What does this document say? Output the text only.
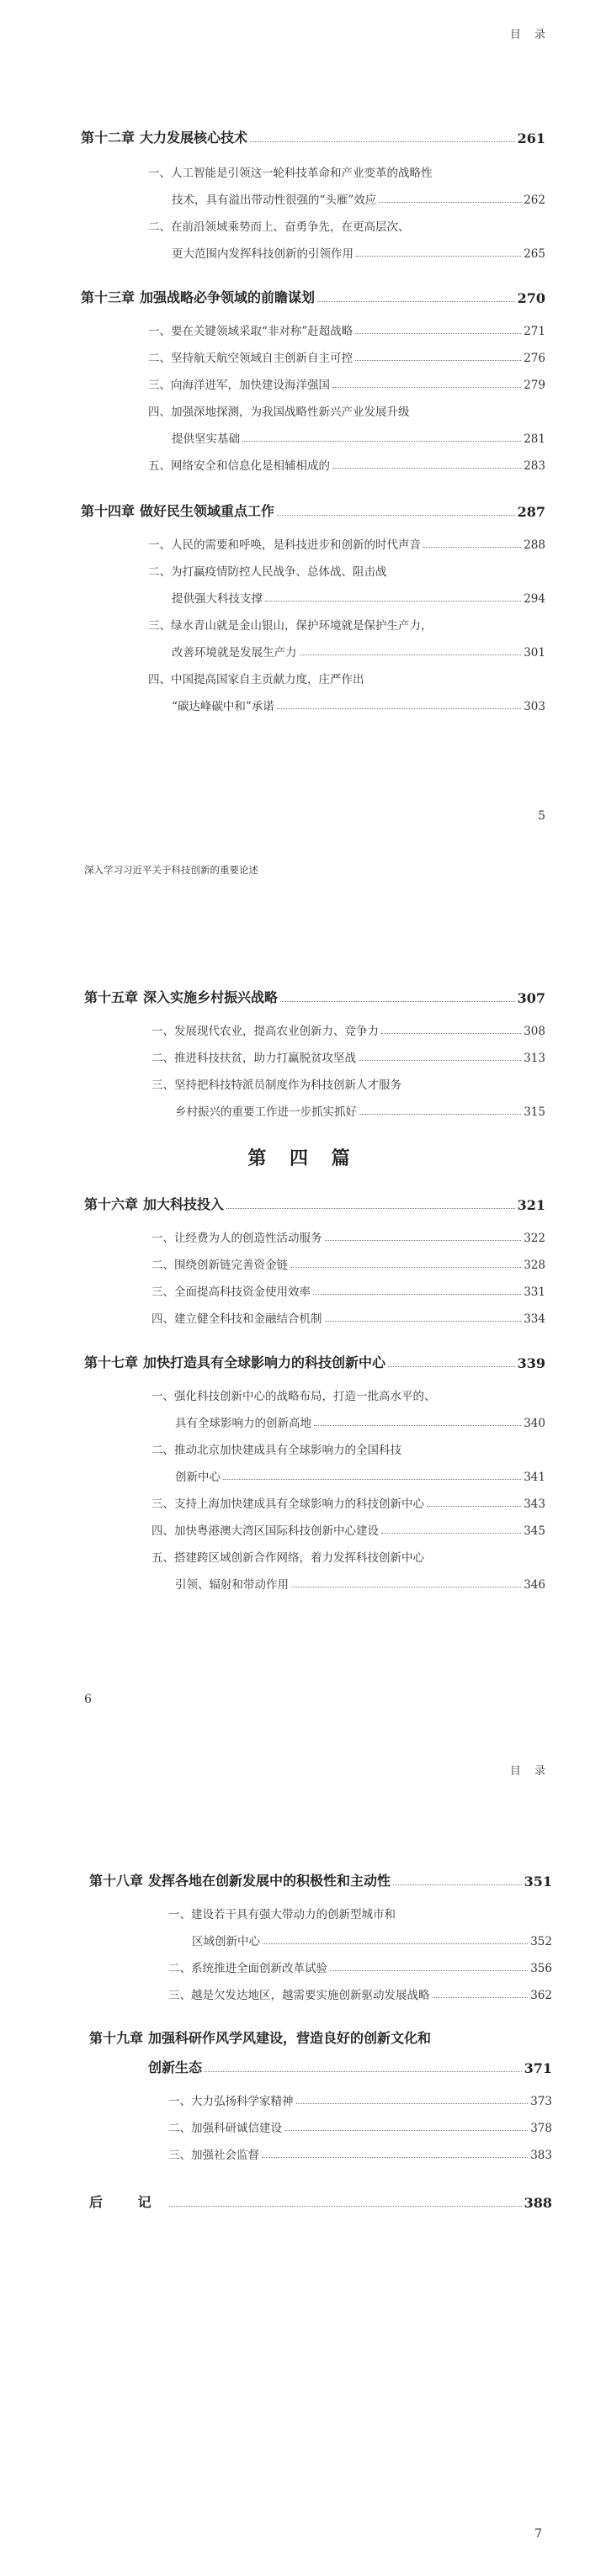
目 录
第十二章 大力发展核心技术	261
一、人工智能是引领这一轮科技革命和产业变革的战略性
技术，具有溢出带动性很强的“头雁”效应	262
二、在前沿领域乘势而上、奋勇争先，在更高层次、
更大范围内发挥科技创新的引领作用	265
第十三章 加强战略必争领域的前瞻谋划	270
一、要在关键领域采取“非对称”赶超战略	271
二、坚持航天航空领域自主创新自主可控	276
三、向海洋进军，加快建设海洋强国	279
四、加强深地探测，为我国战略性新兴产业发展升级
提供坚实基础	281
五、网络安全和信息化是相辅相成的	283
第十四章 做好民生领域重点工作	287
一、人民的需要和呼唤，是科技进步和创新的时代声音	288
二、为打赢疫情防控人民战争、总体战、阻击战
提供强大科技支撑	294
三、绿水青山就是金山银山，保护环境就是保护生产力，
改善环境就是发展生产力	301
四、中国提高国家自主贡献力度，庄严作出
“碳达峰碳中和”承诺	303
5
深入学习习近平关于科技创新的重要论述
第十五章 深入实施乡村振兴战略	307
一、发展现代农业，提高农业创新力、竞争力	308
二、推进科技扶贫，助力打赢脱贫攻坚战	313
三、坚持把科技特派员制度作为科技创新人才服务
乡村振兴的重要工作进一步抓实抓好	315
第 四 篇
第十六章 加大科技投入	321
一、让经费为人的创造性活动服务	322
二、围绕创新链完善资金链	328
三、全面提高科技资金使用效率	331
四、建立健全科技和金融结合机制	334
第十七章 加快打造具有全球影响力的科技创新中心	339
一、强化科技创新中心的战略布局，打造一批高水平的、
具有全球影响力的创新高地	340
二、推动北京加快建成具有全球影响力的全国科技
创新中心	341
三、支持上海加快建成具有全球影响力的科技创新中心	343
四、加快粤港澳大湾区国际科技创新中心建设	345
五、搭建跨区域创新合作网络，着力发挥科技创新中心
引领、辐射和带动作用	346
6
目 录
第十八章 发挥各地在创新发展中的积极性和主动性	351
一、建设若干具有强大带动力的创新型城市和
区域创新中心	352
二、系统推进全面创新改革试验	356
三、越是欠发达地区，越需要实施创新驱动发展战略	362
第十九章 加强科研作风学风建设，营造良好的创新文化和
创新生态	371
一、大力弘扬科学家精神	373
二、加强科研诚信建设	378
三、加强社会监督	383
后 记	388
7
